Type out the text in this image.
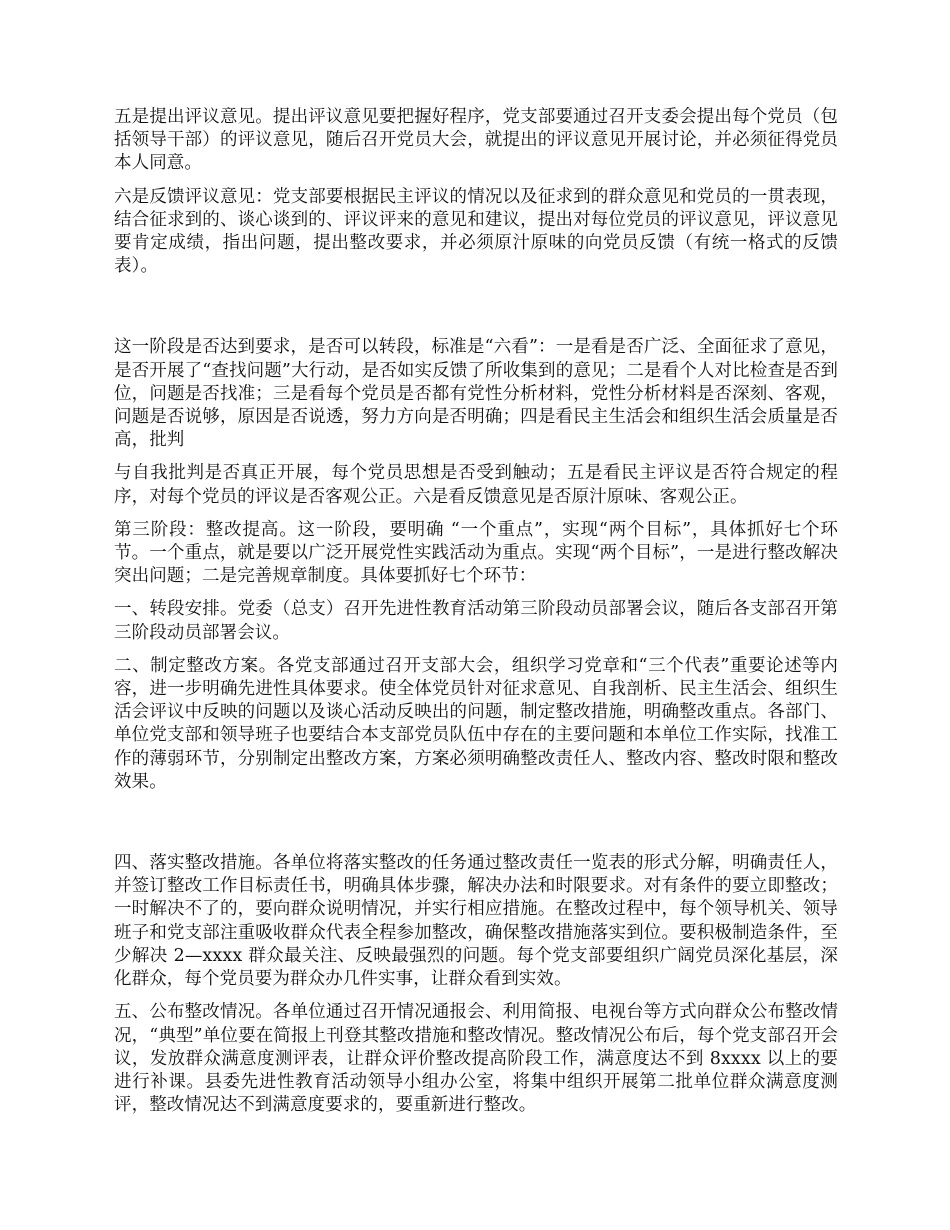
五是提出评议意见。提出评议意见要把握好程序，党支部要通过召开支委会提出每个党员（包括领导干部）的评议意见，随后召开党员大会，就提出的评议意见开展讨论，并必须征得党员本人同意。

六是反馈评议意见：党支部要根据民主评议的情况以及征求到的群众意见和党员的一贯表现，结合征求到的、谈心谈到的、评议评来的意见和建议，提出对每位党员的评议意见，评议意见要肯定成绩，指出问题，提出整改要求，并必须原汁原味的向党员反馈（有统一格式的反馈表）。

这一阶段是否达到要求，是否可以转段，标准是“六看”：一是看是否广泛、全面征求了意见，是否开展了“查找问题”大行动，是否如实反馈了所收集到的意见；二是看个人对比检查是否到位，问题是否找准；三是看每个党员是否都有党性分析材料，党性分析材料是否深刻、客观，问题是否说够，原因是否说透，努力方向是否明确；四是看民主生活会和组织生活会质量是否高，批判

与自我批判是否真正开展，每个党员思想是否受到触动；五是看民主评议是否符合规定的程序，对每个党员的评议是否客观公正。六是看反馈意见是否原汁原味、客观公正。

第三阶段：整改提高。这一阶段，要明确 “一个重点”，实现“两个目标”，具体抓好七个环节。一个重点，就是要以广泛开展党性实践活动为重点。实现“两个目标”，一是进行整改解决突出问题；二是完善规章制度。具体要抓好七个环节：

一、转段安排。党委（总支）召开先进性教育活动第三阶段动员部署会议，随后各支部召开第三阶段动员部署会议。

二、制定整改方案。各党支部通过召开支部大会，组织学习党章和“三个代表”重要论述等内容，进一步明确先进性具体要求。使全体党员针对征求意见、自我剖析、民主生活会、组织生活会评议中反映的问题以及谈心活动反映出的问题，制定整改措施，明确整改重点。各部门、单位党支部和领导班子也要结合本支部党员队伍中存在的主要问题和本单位工作实际，找准工作的薄弱环节，分别制定出整改方案，方案必须明确整改责任人、整改内容、整改时限和整改效果。

四、落实整改措施。各单位将落实整改的任务通过整改责任一览表的形式分解，明确责任人，并签订整改工作目标责任书，明确具体步骤，解决办法和时限要求。对有条件的要立即整改；一时解决不了的，要向群众说明情况，并实行相应措施。在整改过程中，每个领导机关、领导班子和党支部注重吸收群众代表全程参加整改，确保整改措施落实到位。要积极制造条件，至少解决 2—xxxx 群众最关注、反映最强烈的问题。每个党支部要组织广阔党员深化基层，深化群众，每个党员要为群众办几件实事，让群众看到实效。

五、公布整改情况。各单位通过召开情况通报会、利用简报、电视台等方式向群众公布整改情况，“典型”单位要在简报上刊登其整改措施和整改情况。整改情况公布后，每个党支部召开会议，发放群众满意度测评表，让群众评价整改提高阶段工作，满意度达不到 8xxxx 以上的要进行补课。县委先进性教育活动领导小组办公室，将集中组织开展第二批单位群众满意度测评，整改情况达不到满意度要求的，要重新进行整改。
